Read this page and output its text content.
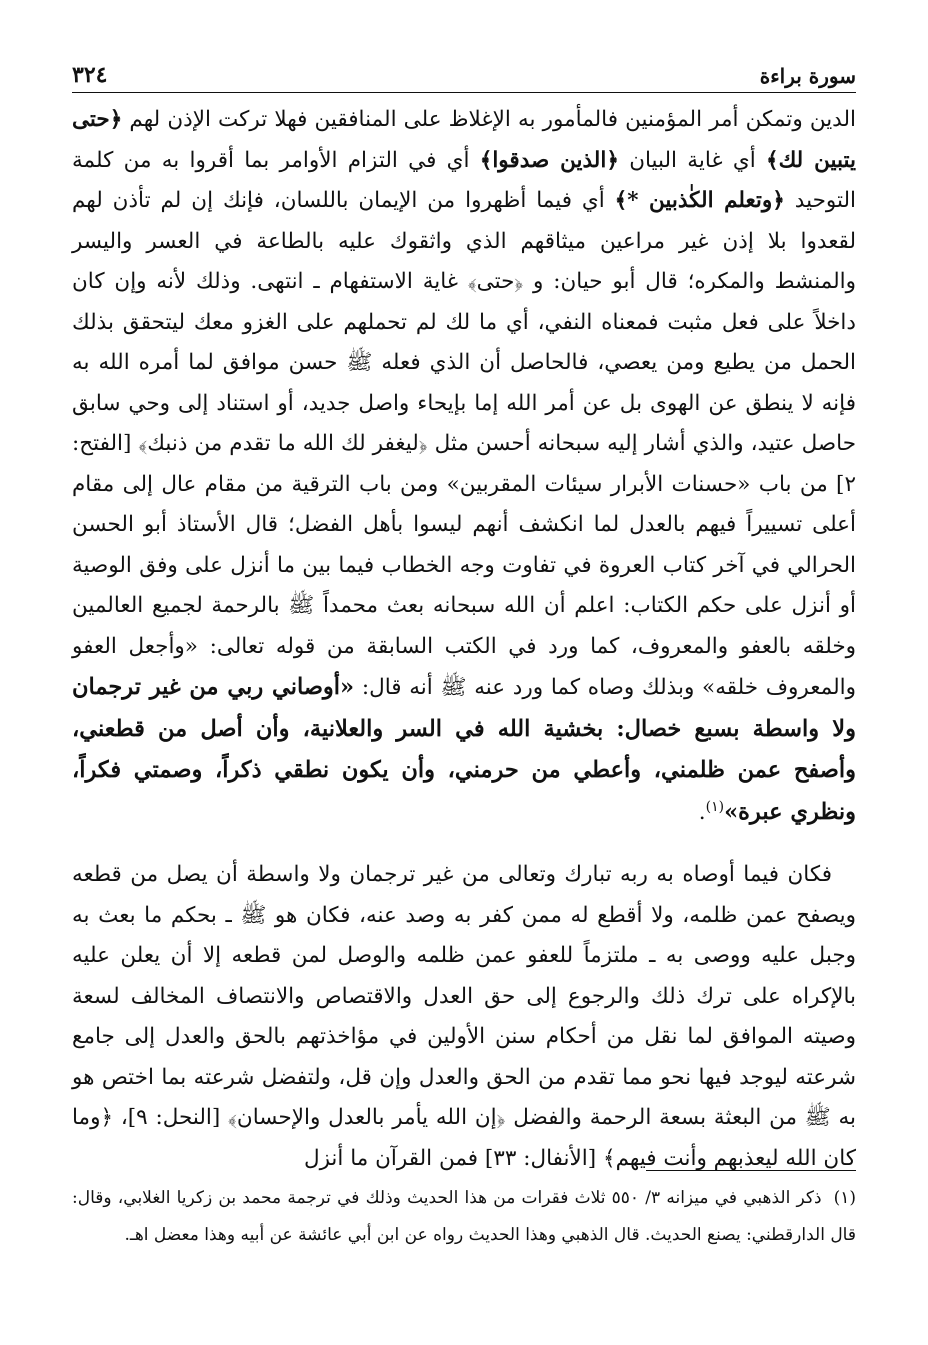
سورة براءة
٣٢٤

الدين وتمكن أمر المؤمنين فالمأمور به الإغلاظ على المنافقين فهلا تركت الإذن لهم ﴿حتى يتبين لك﴾ أي غاية البيان ﴿الذين صدقوا﴾ أي في التزام الأوامر بما أقروا به من كلمة التوحيد ﴿وتعلم الكٰذبين *﴾ أي فيما أظهروا من الإيمان باللسان، فإنك إن لم تأذن لهم لقعدوا بلا إذن غير مراعين ميثاقهم الذي واثقوك عليه بالطاعة في العسر واليسر والمنشط والمكره؛ قال أبو حيان: و ﴿حتى﴾ غاية الاستفهام ـ انتهى. وذلك لأنه وإن كان داخلاً على فعل مثبت فمعناه النفي، أي ما لك لم تحملهم على الغزو معك ليتحقق بذلك الحمل من يطيع ومن يعصي، فالحاصل أن الذي فعله ﷺ حسن موافق لما أمره الله به فإنه لا ينطق عن الهوى بل عن أمر الله إما بإيحاء واصل جديد، أو استناد إلى وحي سابق حاصل عتيد، والذي أشار إليه سبحانه أحسن مثل ﴿ليغفر لك الله ما تقدم من ذنبك﴾ [الفتح: ٢] من باب «حسنات الأبرار سيئات المقربين» ومن باب الترقية من مقام عال إلى مقام أعلى تسييراً فيهم بالعدل لما انكشف أنهم ليسوا بأهل الفضل؛ قال الأستاذ أبو الحسن الحرالي في آخر كتاب العروة في تفاوت وجه الخطاب فيما بين ما أنزل على وفق الوصية أو أنزل على حكم الكتاب: اعلم أن الله سبحانه بعث محمداً ﷺ بالرحمة لجميع العالمين وخلقه بالعفو والمعروف، كما ورد في الكتب السابقة من قوله تعالى: «وأجعل العفو والمعروف خلقه» وبذلك وصاه كما ورد عنه ﷺ أنه قال: «أوصاني ربي من غير ترجمان ولا واسطة بسبع خصال: بخشية الله في السر والعلانية، وأن أصل من قطعني، وأصفح عمن ظلمني، وأعطي من حرمني، وأن يكون نطقي ذكراً، وصمتي فكراً، ونظري عبرة»$^{(١)}$.

فكان فيما أوصاه به ربه تبارك وتعالى من غير ترجمان ولا واسطة أن يصل من قطعه ويصفح عمن ظلمه، ولا أقطع له ممن كفر به وصد عنه، فكان هو ﷺ ـ بحكم ما بعث به وجبل عليه ووصى به ـ ملتزماً للعفو عمن ظلمه والوصل لمن قطعه إلا أن يعلن عليه بالإكراه على ترك ذلك والرجوع إلى حق العدل والاقتصاص والانتصاف المخالف لسعة وصيته الموافق لما نقل من أحكام سنن الأولين في مؤاخذتهم بالحق والعدل إلى جامع شرعته ليوجد فيها نحو مما تقدم من الحق والعدل وإن قل، ولتفضل شرعته بما اختص هو به ﷺ من البعثة بسعة الرحمة والفضل ﴿إن الله يأمر بالعدل والإحسان﴾ [النحل: ٩]، ﴿وما كان الله ليعذبهم وأنت فيهم﴾ [الأنفال: ٣٣] فمن القرآن ما أنزل

(١)ذكر الذهبي في ميزانه ٣/ ٥٥٠ ثلاث فقرات من هذا الحديث وذلك في ترجمة محمد بن زكريا الغلابي، وقال: قال الدارقطني: يصنع الحديث. قال الذهبي وهذا الحديث رواه عن ابن أبي عائشة عن أبيه وهذا معضل اهـ.
